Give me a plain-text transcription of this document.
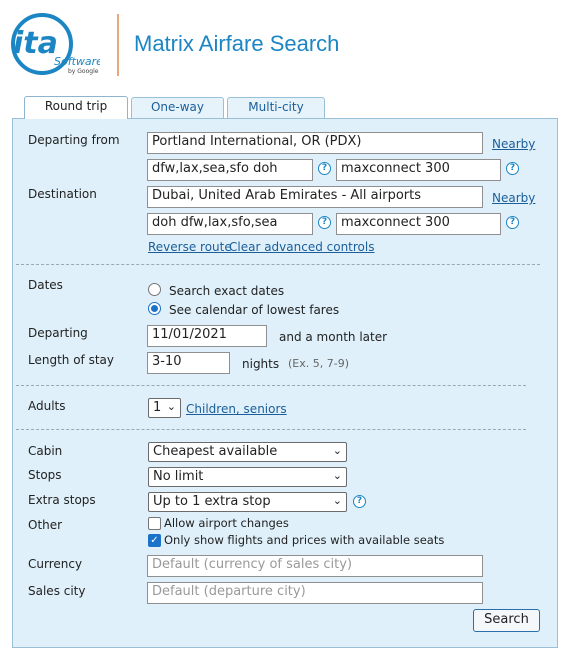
ita
Software
by Google
Matrix Airfare Search
Round trip	One-way	Multi-city
Departing from	Portland International, OR (PDX)	Nearby
dfw,lax,sea,sfo doh	?	maxconnect 300	?
Destination	Dubai, United Arab Emirates - All airports	Nearby
doh dfw,lax,sfo,sea	?	maxconnect 300	?
Reverse route
Clear advanced controls
Dates	Search exact dates
See calendar of lowest fares
Departing	11/01/2021	and a month later
Length of stay	3-10	nights (Ex. 5, 7-9)
Adults	1 ⌄ Children, seniors
Cabin	Cheapest available	⌄
Stops	No limit	⌄
Extra stops	Up to 1 extra stop	⌄	?
Other	Allow airport changes
✓ Only show flights and prices with available seats
Currency	Default (currency of sales city)
Sales city	Default (departure city)
Search
